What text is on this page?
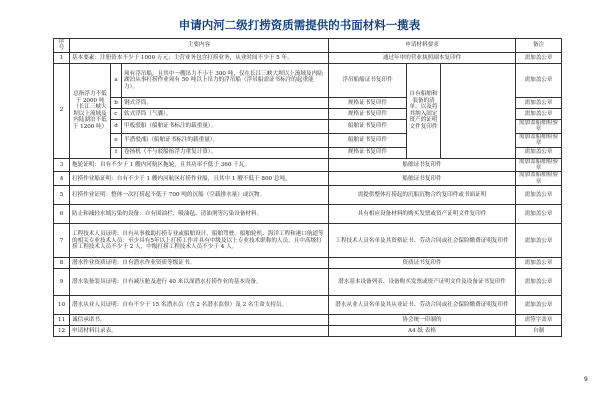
申请内河二级打捞资质需提供的书面材料一揽表
序号	主要内容			申请材料要求			备注
1	基本要素：注册资本不少于 1000 万元；主营业务包含打捞业务，从业时间不少于 5 年。			通过年审的营业执照副本复印件			需加盖公章
2	总指浮力不低于 2000 吨（长江三峡大坝以上流域及内陆湖泊不低于 1200 吨）	a	须有浮吊船，且其中一艘吊力不小于 300 吨，仅在长江三峡大坝以上流域及内陆湖泊从事打捞作业须有 50 吨以上吊力的浮吊船（浮吊船需证书标注的起重能力）。	浮吊船船证书复印件	自有船舶和装备的清单，以及将其纳入固定资产的证明文件复印件		需加盖公章
		b	钢式浮筒。	规格证书复印件			需加盖公章
		c	软式浮筒（气囊）。	规格证书复印件			需加盖公章
		d	甲板驳船（船舶证书标注的载重量）。	船舶证书复印件			需加盖船舶检验章
		e	半潜驳/船（船舶证书标注的载重量）。	船舶证书复印件			需加盖船舶检验章
		f	卷扬机（不与驳船抬浮力重复计算）。	规格证书复印件			需加盖公章
3	拖轮证明：自有不少于 1 艘内河航区拖轮，且其功率不低于 360 千瓦。			船舶证书复印件			需加盖船舶检验章
4	打捞作业船证明：自有不少于 1 艘内河航区打捞作业船，且其中 1 艘不低于 800 总吨。			船舶证书复印件			需加盖船舶检验章
5	打捞作业证明：整体一次打捞起不低于 700 吨的沉船（空载排水量）或沉物。			需提供整体打捞起的沉船沉物合约复印件或书面证明			需加盖公章
6	防止和减轻水域污染的设备：自有围油栏、吸油毡、清油剂等污染设备材料。			具有相应设备材料的购买发票或资产证明文件复印件			需加盖公章
7	工程技术人员证明：自有从事救助打捞专业或船舶设计、船舶驾驶、船舶轮机、海洋工程和港口航道等的相关专业技术人员：至少具有5年以上打捞工作并具有中级及以上专业技术职称的人员，且中高级打捞工程技术人员不少于 2 人，中级打捞工程技术人员不少于 4 人。			工程技术人员名单及其资格证书、劳动合同或社会保险缴费证明复印件			需加盖公章
8	潜水作业资质证明：自有潜水作业资质等级证书。			资质证书复印件			需加盖公章
9	潜水装备装具证明：自有减压舱及进行 40 米以深潜水打捞作业的基本设备。			潜水基本设备列表、设备购买发票或资产证明文件及设备证书复印件			需加盖公章
10	潜水从业人员证明：自有不少于 15 名潜水员（含 2 名潜水监督）及 2 名生命支持员。			潜水从业人员名单及其从业证书、劳动合同或社会保险缴费证明复印件			需加盖公章
11	诚信承诺书。			协会统一印制的			需签字盖章
12	申请材料目录表。			A4 纸 表格			自制
9
